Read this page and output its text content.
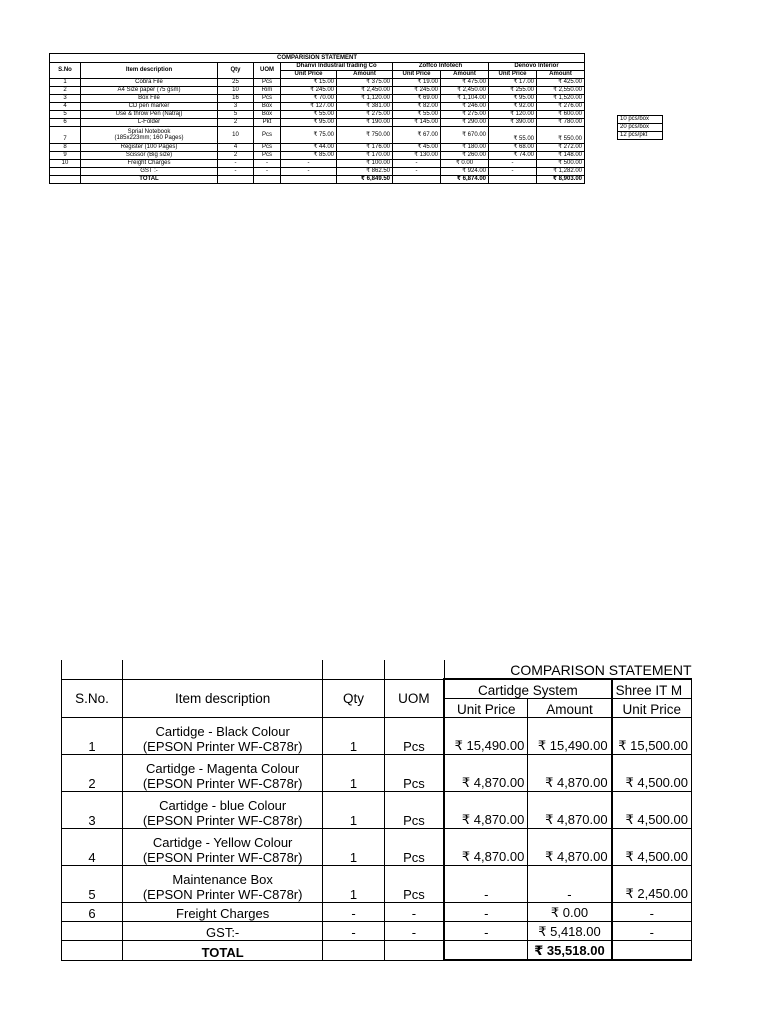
COMPARISION STATEMENT									
S.No	Item description	Qty	UOM	Dhanvi Industrail trading Co		Zoffco Infotech		Denovo Interior	
				Unit Price	Amount	Unit Price	Amount	Unit Price	Amount
1	Cobra File	25	Pcs	₹ 15.00	₹ 375.00	₹ 19.00	₹ 475.00	₹ 17.00	₹ 425.00
2	A4 Size paper (75 gsm)	10	Rim	₹ 245.00	₹ 2,450.00	₹ 245.00	₹ 2,450.00	₹ 255.00	₹ 2,550.00
3	Box File	16	Pcs	₹ 70.00	₹ 1,120.00	₹ 69.00	₹ 1,104.00	₹ 95.00	₹ 1,520.00
4	CD pen marker	3	Box	₹ 127.00	₹ 381.00	₹ 82.00	₹ 246.00	₹ 92.00	₹ 276.00
5	Use & throw Pen (Natraj)	5	Box	₹ 55.00	₹ 275.00	₹ 55.00	₹ 275.00	₹ 120.00	₹ 600.00
6	L-Folder	2	Pkt	₹ 95.00	₹ 190.00	₹ 145.00	₹ 290.00	₹ 390.00	₹ 780.00
7	Sprial Notebook
(185x223mm; 160 Pages)	10	Pcs	₹ 75.00	₹ 750.00	₹ 67.00	₹ 670.00	₹ 55.00	₹ 550.00
8	Register (100 Pages)	4	Pcs	₹ 44.00	₹ 176.00	₹ 45.00	₹ 180.00	₹ 68.00	₹ 272.00
9	Scissor (Big size)	2	Pcs	₹ 85.00	₹ 170.00	₹ 130.00	₹ 260.00	₹ 74.00	₹ 148.00
10	Freight Charges	-	-	-	₹ 100.00	-	₹ 0.00	-	₹ 500.00
	GST :-	-	-	-	₹ 862.50	-	₹ 924.00	-	₹ 1,282.00
	TOTAL				₹ 6,849.50		₹ 6,874.00		₹ 8,903.00
10 pcs/box
20 pcs/box
12 pcs/pkt
				COMPARISON STATEMENT		
S.No.	Item description	Qty	UOM	Cartidge System		Shree IT M
				Unit Price	Amount	Unit Price
1	Cartidge - Black Colour
(EPSON Printer WF-C878r)	1	Pcs	₹ 15,490.00	₹ 15,490.00	₹ 15,500.00
2	Cartidge - Magenta Colour
(EPSON Printer WF-C878r)	1	Pcs	₹ 4,870.00	₹ 4,870.00	₹ 4,500.00
3	Cartidge - blue Colour
(EPSON Printer WF-C878r)	1	Pcs	₹ 4,870.00	₹ 4,870.00	₹ 4,500.00
4	Cartidge - Yellow Colour
(EPSON Printer WF-C878r)	1	Pcs	₹ 4,870.00	₹ 4,870.00	₹ 4,500.00
5	Maintenance Box
(EPSON Printer WF-C878r)	1	Pcs	-	-	₹ 2,450.00
6	Freight Charges	-	-	-	₹ 0.00	-
	GST:-	-	-	-	₹ 5,418.00	-
	TOTAL				₹ 35,518.00	
